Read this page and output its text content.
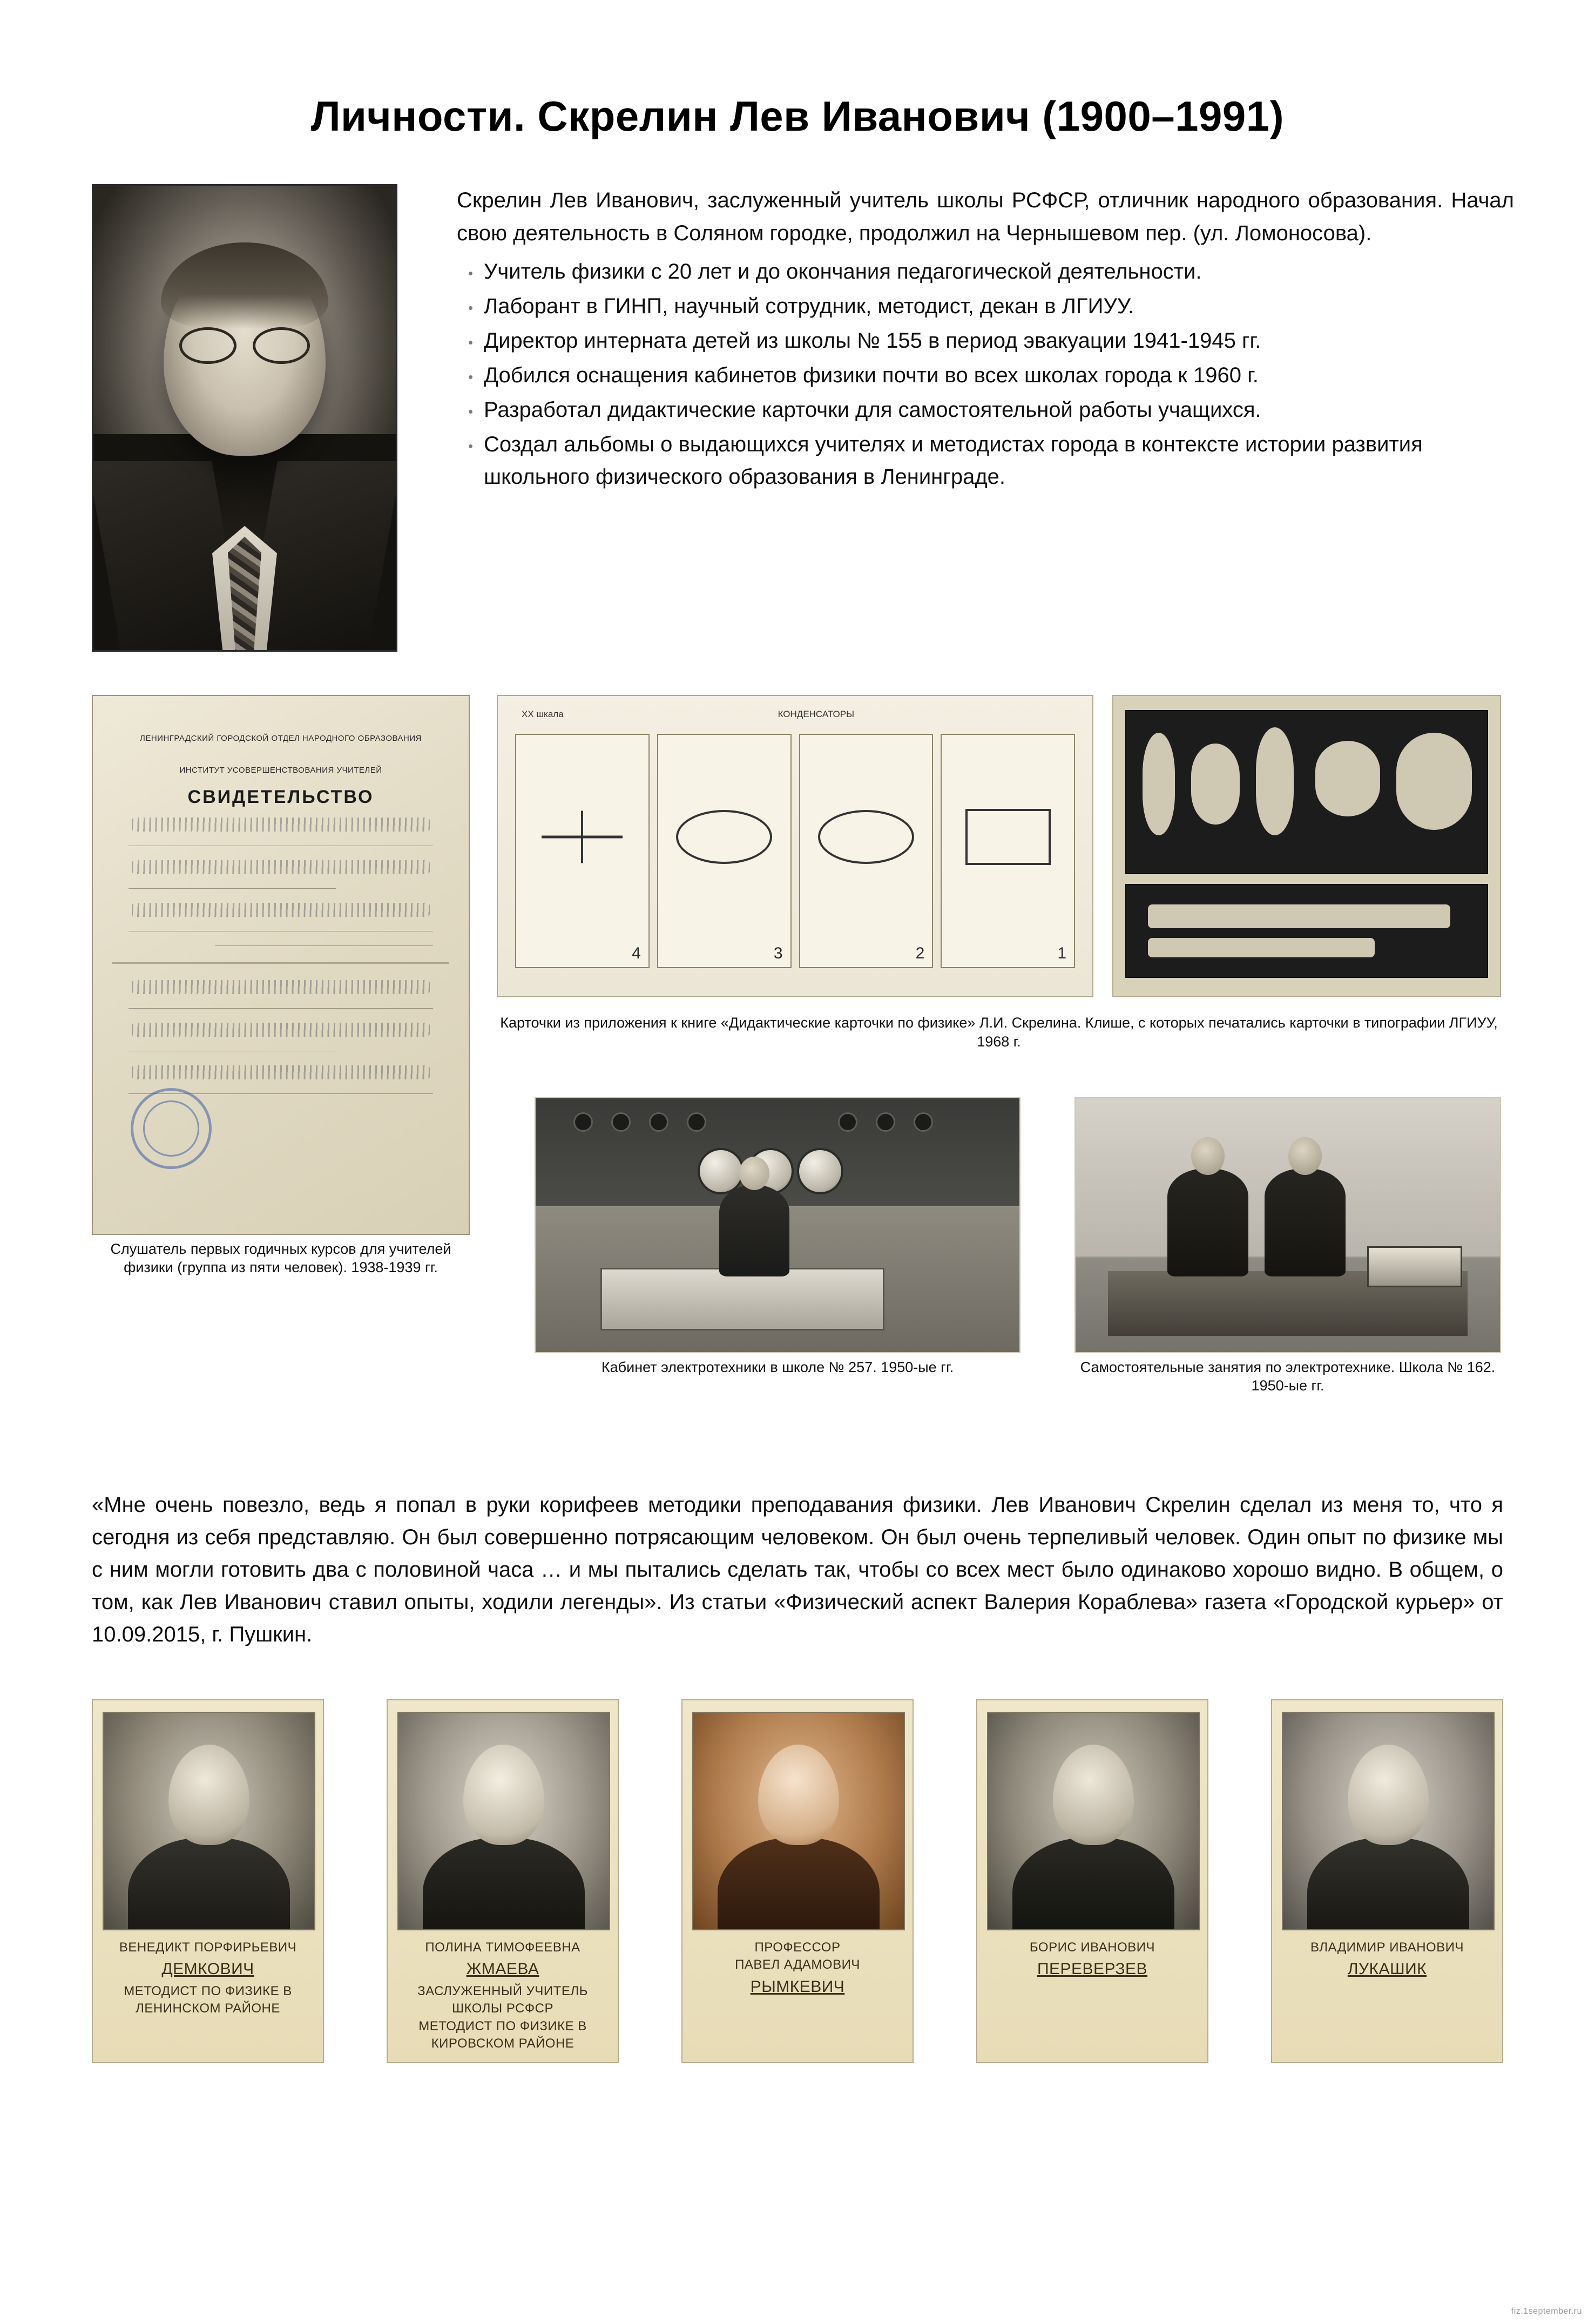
Личности. Скрелин Лев Иванович (1900–1991)

Скрелин Лев Иванович, заслуженный учитель школы РСФСР, отличник народного образования. Начал свою деятельность в Соляном городке, продолжил на Чернышевом пер. (ул. Ломоносова).

Учитель физики с 20 лет и до окончания педагогической деятельности.
Лаборант в ГИНП, научный сотрудник, методист, декан в ЛГИУУ.
Директор интерната детей из школы № 155 в период эвакуации 1941-1945 гг.
Добился оснащения кабинетов физики почти во всех школах города к 1960 г.
Разработал дидактические карточки для самостоятельной работы учащихся.
Создал альбомы о выдающихся учителях и методистах города в контексте истории развития школьного физического образования в Ленинграде.
ЛЕНИНГРАДСКИЙ ГОРОДСКОЙ ОТДЕЛ НАРОДНОГО ОБРАЗОВАНИЯ
ИНСТИТУТ УСОВЕРШЕНСТВОВАНИЯ УЧИТЕЛЕЙ
СВИДЕТЕЛЬСТВО
Слушатель первых годичных курсов для учителей физики (группа из пяти человек). 1938-1939 гг.
XX шкала	КОНДЕНСАТОРЫ
4	3	2	1
Карточки из приложения к книге «Дидактические карточки по физике» Л.И. Скрелина. Клише, с которых печатались карточки в типографии ЛГИУУ, 1968 г.
Кабинет электротехники в школе № 257. 1950-ые гг.	Самостоятельные занятия по электротехнике. Школа № 162. 1950-ые гг.

«Мне очень повезло, ведь я попал в руки корифеев методики преподавания физики. Лев Иванович Скрелин сделал из меня то, что я сегодня из себя представляю. Он был совершенно потрясающим человеком. Он был очень терпеливый человек. Один опыт по физике мы с ним могли готовить два с половиной часа … и мы пытались сделать так, чтобы со всех мест было одинаково хорошо видно. В общем, о том, как Лев Иванович ставил опыты, ходили легенды». Из статьи «Физический аспект Валерия Кораблева» газета «Городской курьер» от 10.09.2015, г. Пушкин.

ВЕНЕДИКТ ПОРФИРЬЕВИЧ
ДЕМКОВИЧ
МЕТОДИСТ ПО ФИЗИКЕ В
ЛЕНИНСКОМ РАЙОНЕ
ПОЛИНА ТИМОФЕЕВНА
ЖМАЕВА
ЗАСЛУЖЕННЫЙ УЧИТЕЛЬ
ШКОЛЫ РСФСР
МЕТОДИСТ ПО ФИЗИКЕ В
КИРОВСКОМ РАЙОНЕ
ПРОФЕССОР
ПАВЕЛ АДАМОВИЧ
РЫМКЕВИЧ
БОРИС ИВАНОВИЧ
ПЕРЕВЕРЗЕВ
ВЛАДИМИР ИВАНОВИЧ
ЛУКАШИК
fiz.1september.ru
